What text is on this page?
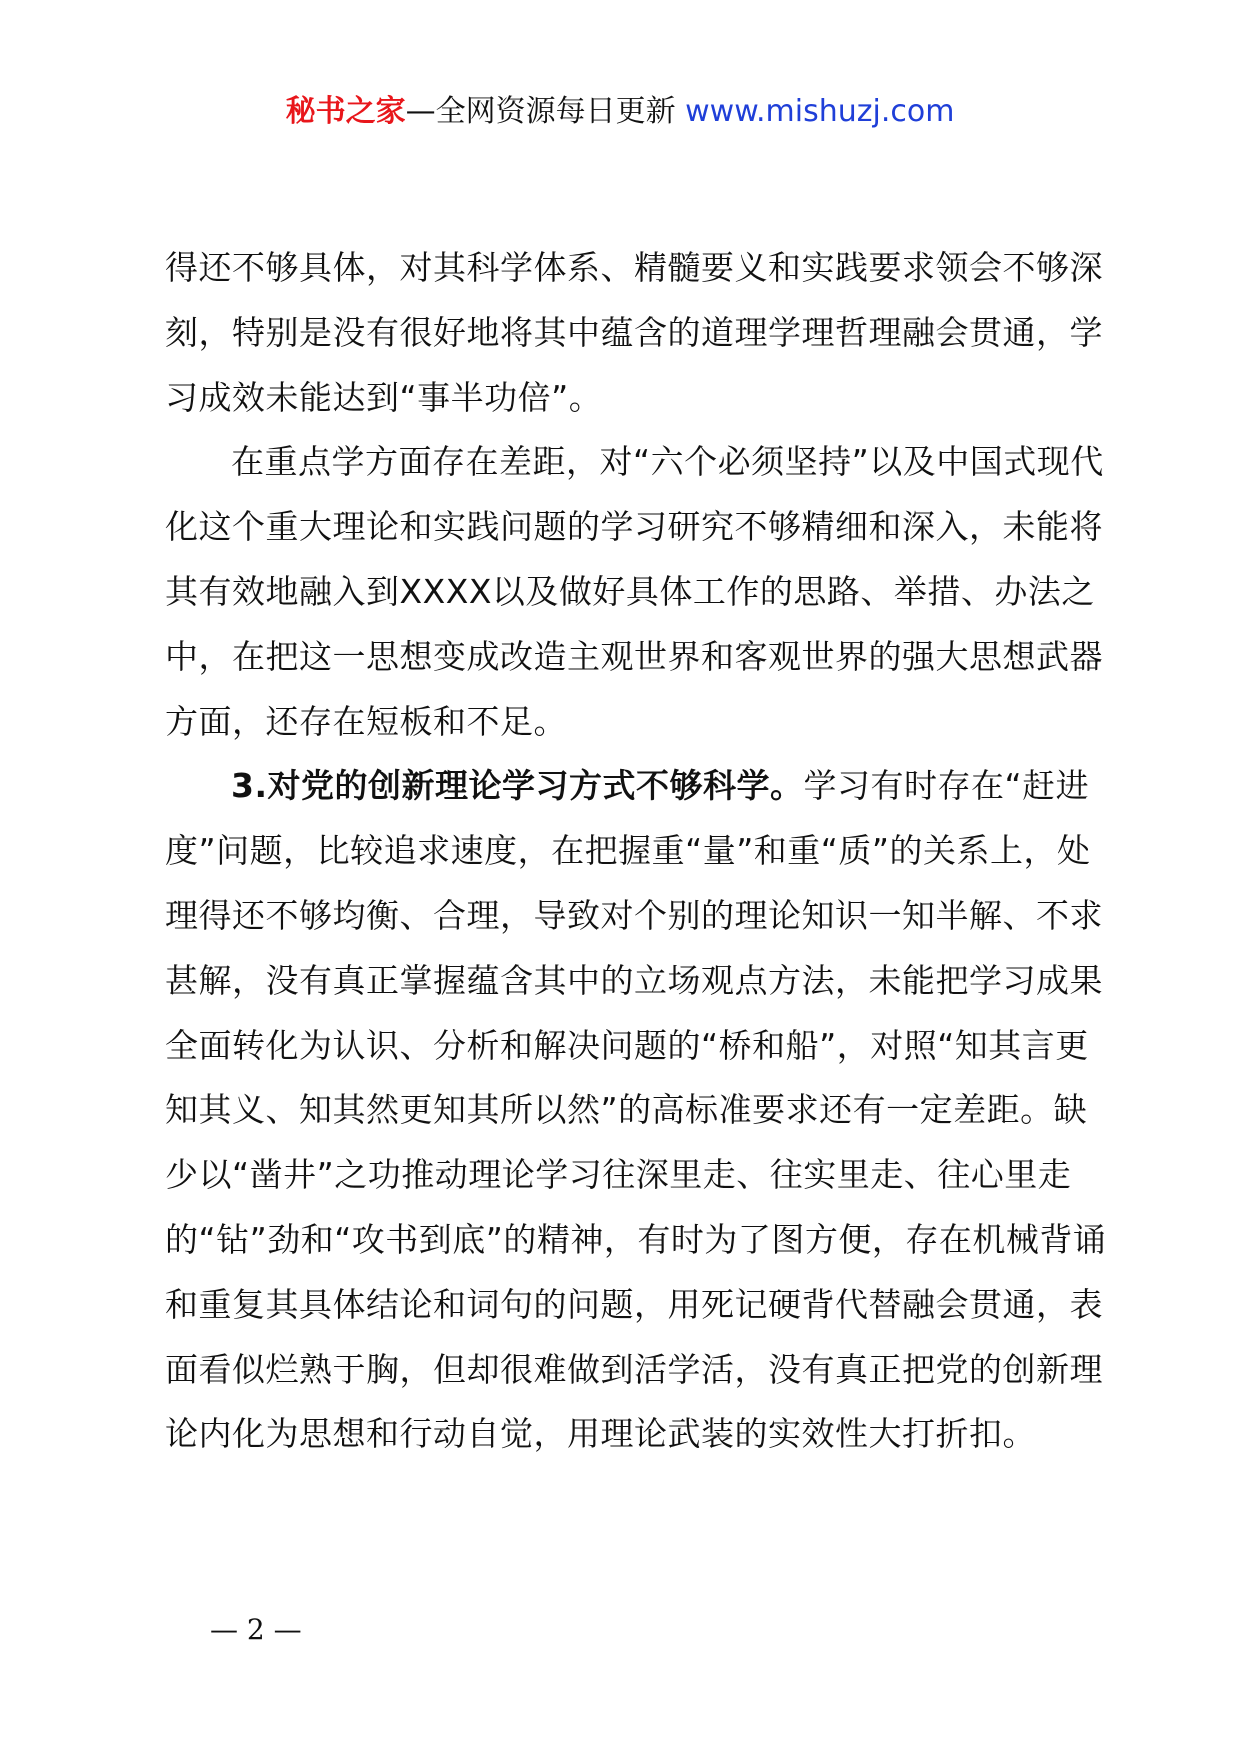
秘书之家—全网资源每日更新 www.mishuzj.com

得还不够具体，对其科学体系、精髓要义和实践要求领会不够深刻，特别是没有很好地将其中蕴含的道理学理哲理融会贯通，学习成效未能达到“事半功倍”。

在重点学方面存在差距，对“六个必须坚持”以及中国式现代化这个重大理论和实践问题的学习研究不够精细和深入，未能将其有效地融入到XXXX以及做好具体工作的思路、举措、办法之中，在把这一思想变成改造主观世界和客观世界的强大思想武器方面，还存在短板和不足。

3.对党的创新理论学习方式不够科学。学习有时存在“赶进度”问题，比较追求速度，在把握重“量”和重“质”的关系上，处理得还不够均衡、合理，导致对个别的理论知识一知半解、不求甚解，没有真正掌握蕴含其中的立场观点方法，未能把学习成果全面转化为认识、分析和解决问题的“桥和船”，对照“知其言更知其义、知其然更知其所以然”的高标准要求还有一定差距。缺少以“凿井”之功推动理论学习往深里走、往实里走、往心里走的“钻”劲和“攻书到底”的精神，有时为了图方便，存在机械背诵和重复其具体结论和词句的问题，用死记硬背代替融会贯通，表面看似烂熟于胸，但却很难做到活学活，没有真正把党的创新理论内化为思想和行动自觉，用理论武装的实效性大打折扣。

— 2 —
